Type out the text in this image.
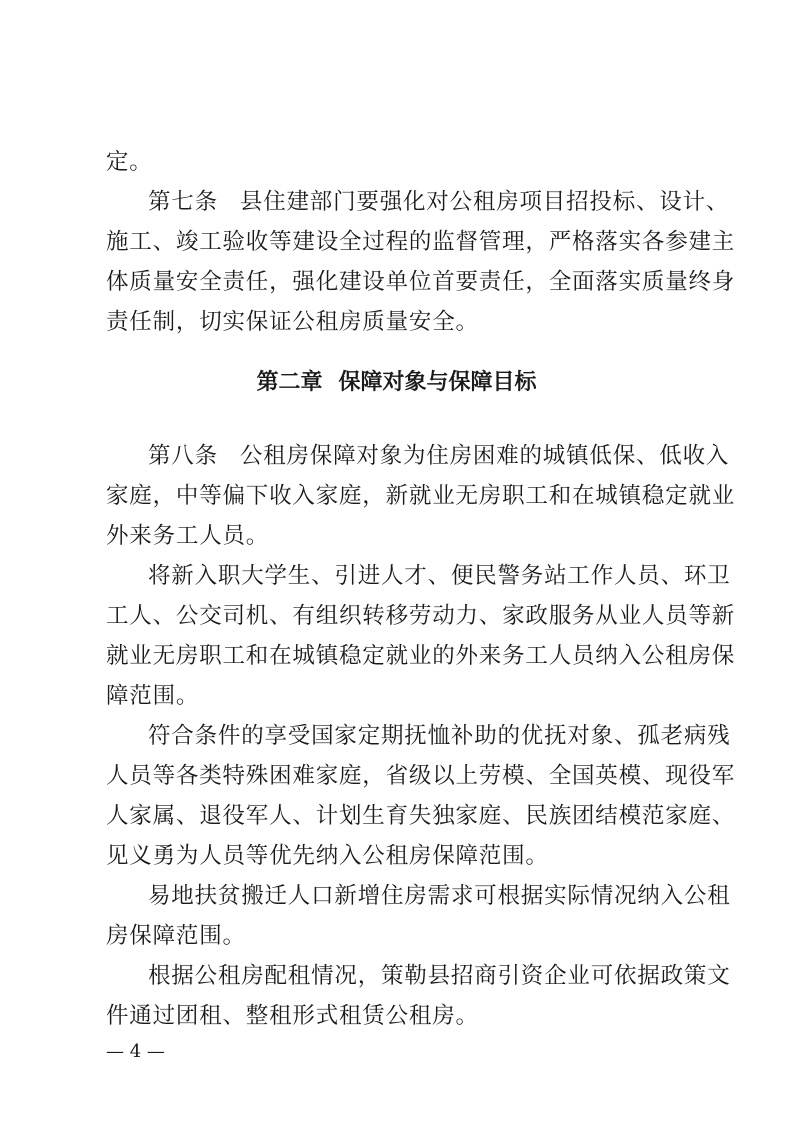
定。
第七条 县住建部门要强化对公租房项目招投标、设计、
施工、竣工验收等建设全过程的监督管理，严格落实各参建主
体质量安全责任，强化建设单位首要责任，全面落实质量终身
责任制，切实保证公租房质量安全。
第二章 保障对象与保障目标
第八条 公租房保障对象为住房困难的城镇低保、低收入
家庭，中等偏下收入家庭，新就业无房职工和在城镇稳定就业
外来务工人员。
将新入职大学生、引进人才、便民警务站工作人员、环卫
工人、公交司机、有组织转移劳动力、家政服务从业人员等新
就业无房职工和在城镇稳定就业的外来务工人员纳入公租房保
障范围。
符合条件的享受国家定期抚恤补助的优抚对象、孤老病残
人员等各类特殊困难家庭，省级以上劳模、全国英模、现役军
人家属、退役军人、计划生育失独家庭、民族团结模范家庭、
见义勇为人员等优先纳入公租房保障范围。
易地扶贫搬迁人口新增住房需求可根据实际情况纳入公租
房保障范围。
根据公租房配租情况，策勒县招商引资企业可依据政策文
件通过团租、整租形式租赁公租房。
— 4 —
